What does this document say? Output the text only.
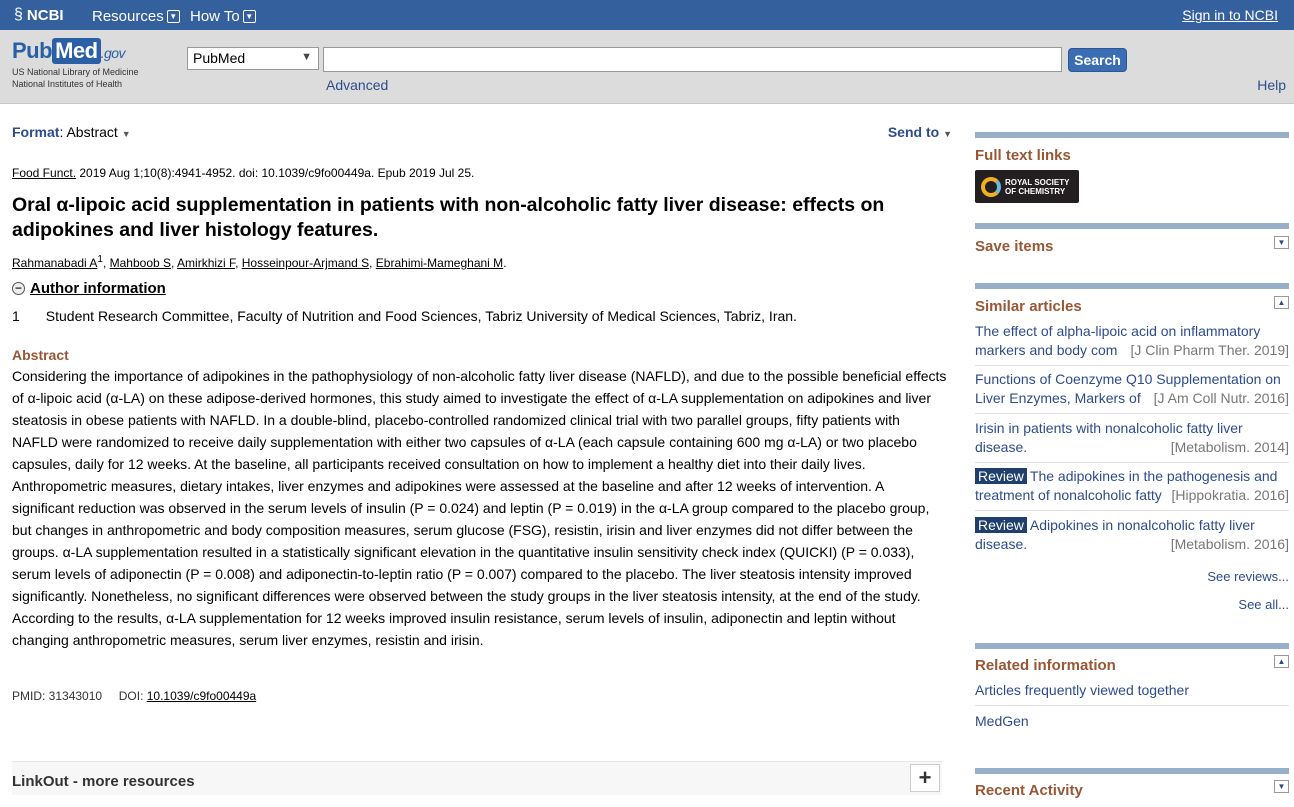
§ NCBI Resources ▼ How To ▼	Sign in to NCBI
Pub Med .gov
US National Library of Medicine
National Institutes of Health
PubMed	▼	Search
Advanced	Help
Format: Abstract ▼	Send to ▼
Food Funct. 2019 Aug 1;10(8):4941-4952. doi: 10.1039/c9fo00449a. Epub 2019 Jul 25.
Oral α-lipoic acid supplementation in patients with non-alcoholic fatty liver disease: effects on adipokines and liver histology features.
Rahmanabadi $A^1$, Mahboob S, Amirkhizi F, Hosseinpour-Arjmand S, Ebrahimi-Mameghani M.
− Author information
1 Student Research Committee, Faculty of Nutrition and Food Sciences, Tabriz University of Medical Sciences, Tabriz, Iran.
Abstract
Considering the importance of adipokines in the pathophysiology of non-alcoholic fatty liver disease (NAFLD), and due to the possible beneficial effects of α-lipoic acid (α-LA) on these adipose-derived hormones, this study aimed to investigate the effect of α-LA supplementation on adipokines and liver steatosis in obese patients with NAFLD. In a double-blind, placebo-controlled randomized clinical trial with two parallel groups, fifty patients with NAFLD were randomized to receive daily supplementation with either two capsules of α-LA (each capsule containing 600 mg α-LA) or two placebo capsules, daily for 12 weeks. At the baseline, all participants received consultation on how to implement a healthy diet into their daily lives. Anthropometric measures, dietary intakes, liver enzymes and adipokines were assessed at the baseline and after 12 weeks of intervention. A significant reduction was observed in the serum levels of insulin (P = 0.024) and leptin (P = 0.019) in the α-LA group compared to the placebo group, but changes in anthropometric and body composition measures, serum glucose (FSG), resistin, irisin and liver enzymes did not differ between the groups. α-LA supplementation resulted in a statistically significant elevation in the quantitative insulin sensitivity check index (QUICKI) (P = 0.033), serum levels of adiponectin (P = 0.008) and adiponectin-to-leptin ratio (P = 0.007) compared to the placebo. The liver steatosis intensity improved significantly. Nonetheless, no significant differences were observed between the study groups in the liver steatosis intensity, at the end of the study. According to the results, α-LA supplementation for 12 weeks improved insulin resistance, serum levels of insulin, adiponectin and leptin without changing anthropometric measures, serum liver enzymes, resistin and irisin.
PMID: 31343010 DOI: 10.1039/c9fo00449a
LinkOut - more resources	+
Full text links
ROYAL SOCIETY
OF CHEMISTRY
Save items	▼
Similar articles	▲
The effect of alpha-lipoic acid on inflammatory
markers and body com [J Clin Pharm Ther. 2019]
Functions of Coenzyme Q10 Supplementation on
Liver Enzymes, Markers of [J Am Coll Nutr. 2016]
Irisin in patients with nonalcoholic fatty liver
disease.	[Metabolism. 2014]
Review The adipokines in the pathogenesis and
treatment of nonalcoholic fatty [Hippokratia. 2016]
Review Adipokines in nonalcoholic fatty liver
disease.	[Metabolism. 2016]
See reviews...
See all...
Related information	▲
Articles frequently viewed together
MedGen
Recent Activity	▼
